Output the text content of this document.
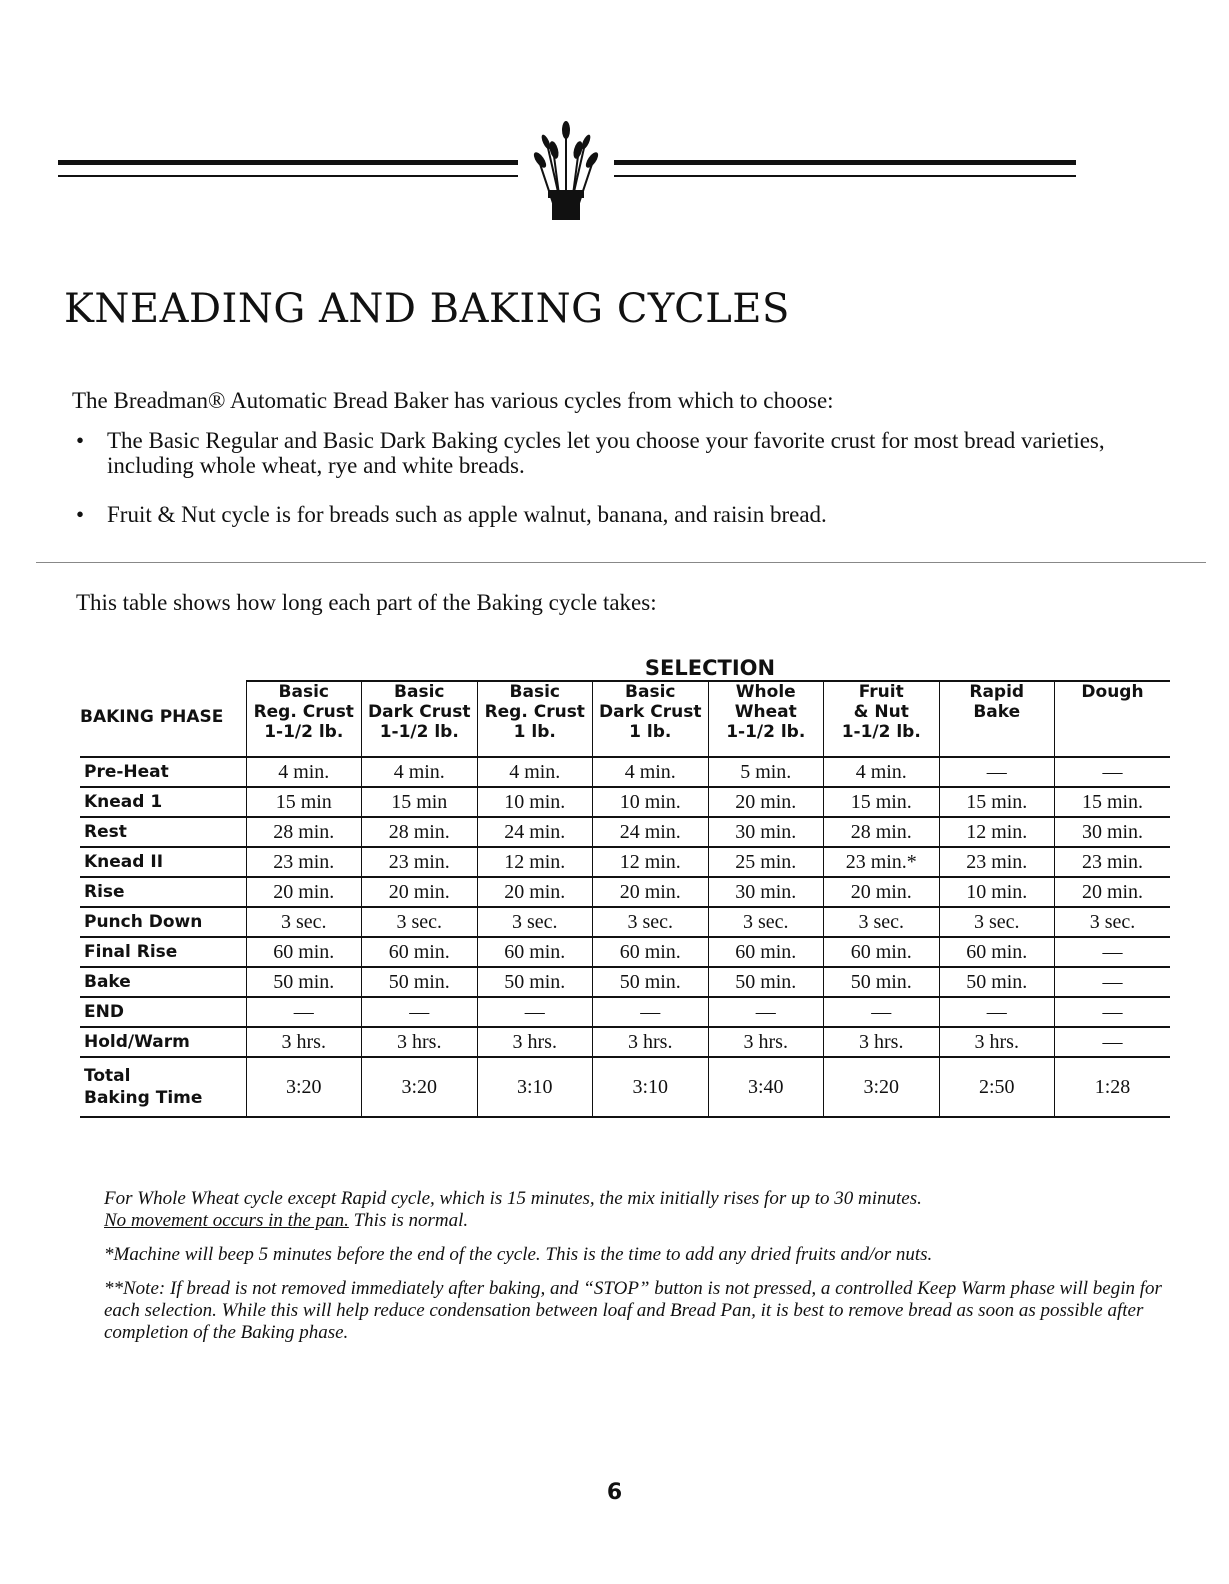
KNEADING AND BAKING CYCLES

The Breadman® Automatic Bread Baker has various cycles from which to choose:

• The Basic Regular and Basic Dark Baking cycles let you choose your favorite crust for most bread varieties, including whole wheat, rye and white breads.
• Fruit & Nut cycle is for breads such as apple walnut, banana, and raisin bread.

This table shows how long each part of the Baking cycle takes:

SELECTION
BAKING PHASE	Basic
Reg. Crust
1-1/2 lb.	Basic
Dark Crust
1-1/2 lb.	Basic
Reg. Crust
1 lb.	Basic
Dark Crust
1 lb.	Whole
Wheat
1-1/2 lb.	Fruit
& Nut
1-1/2 lb.	Rapid
Bake	Dough

Pre-Heat	4 min.	4 min.	4 min.	4 min.	5 min.	4 min.	—	—
Knead 1	15 min	15 min	10 min.	10 min.	20 min.	15 min.	15 min.	15 min.
Rest	28 min.	28 min.	24 min.	24 min.	30 min.	28 min.	12 min.	30 min.
Knead II	23 min.	23 min.	12 min.	12 min.	25 min.	23 min.*	23 min.	23 min.
Rise	20 min.	20 min.	20 min.	20 min.	30 min.	20 min.	10 min.	20 min.
Punch Down	3 sec.	3 sec.	3 sec.	3 sec.	3 sec.	3 sec.	3 sec.	3 sec.
Final Rise	60 min.	60 min.	60 min.	60 min.	60 min.	60 min.	60 min.	—
Bake	50 min.	50 min.	50 min.	50 min.	50 min.	50 min.	50 min.	—
END	—	—	—	—	—	—	—	—
Hold/Warm	3 hrs.	3 hrs.	3 hrs.	3 hrs.	3 hrs.	3 hrs.	3 hrs.	—

Total
Baking Time	3:20	3:20	3:10	3:10	3:40	3:20	2:50	1:28

For Whole Wheat cycle except Rapid cycle, which is 15 minutes, the mix initially rises for up to 30 minutes.
No movement occurs in the pan. This is normal.

*Machine will beep 5 minutes before the end of the cycle. This is the time to add any dried fruits and/or nuts.

**Note: If bread is not removed immediately after baking, and “STOP” button is not pressed, a controlled Keep Warm phase will begin for each selection. While this will help reduce condensation between loaf and Bread Pan, it is best to remove bread as soon as possible after completion of the Baking phase.

6
